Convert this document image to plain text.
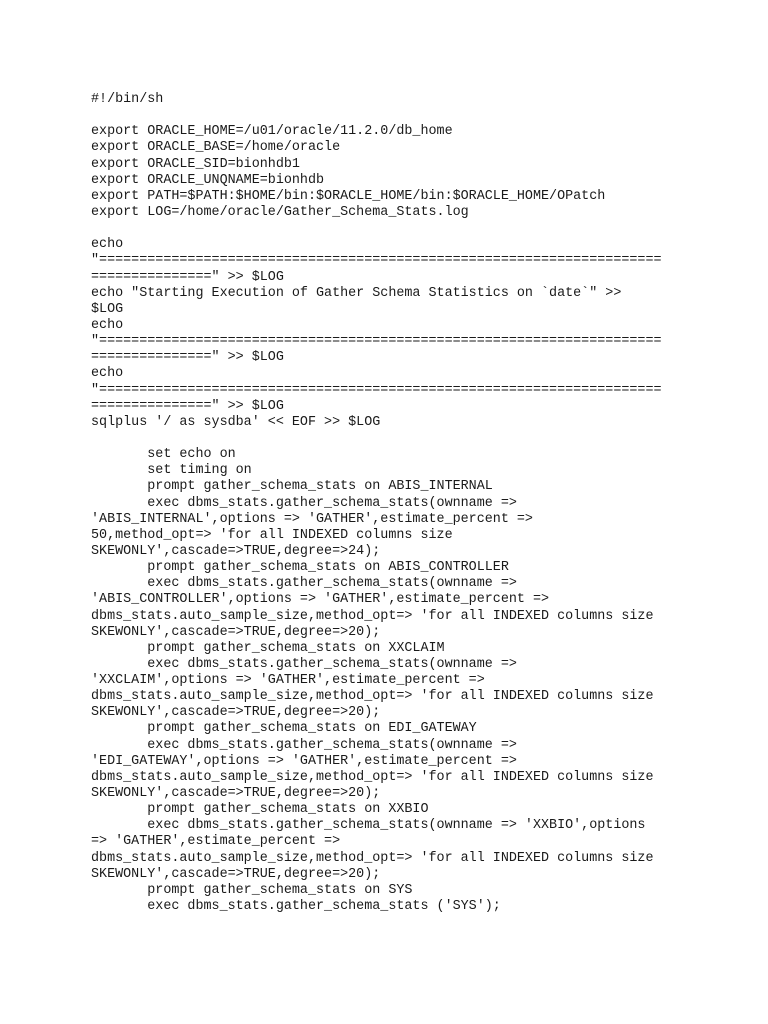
#!/bin/sh
export ORACLE_HOME=/u01/oracle/11.2.0/db_home
export ORACLE_BASE=/home/oracle
export ORACLE_SID=bionhdb1
export ORACLE_UNQNAME=bionhdb
export PATH=$PATH:$HOME/bin:$ORACLE_HOME/bin:$ORACLE_HOME/OPatch
export LOG=/home/oracle/Gather_Schema_Stats.log
echo
"======================================================================
===============" >> $LOG
echo "Starting Execution of Gather Schema Statistics on `date`" >>
$LOG
echo
"======================================================================
===============" >> $LOG
echo
"======================================================================
===============" >> $LOG
sqlplus '/ as sysdba' << EOF >> $LOG
set echo on
set timing on
prompt gather_schema_stats on ABIS_INTERNAL
exec dbms_stats.gather_schema_stats(ownname =>
'ABIS_INTERNAL',options => 'GATHER',estimate_percent =>
50,method_opt=> 'for all INDEXED columns size
SKEWONLY',cascade=>TRUE,degree=>24);
prompt gather_schema_stats on ABIS_CONTROLLER
exec dbms_stats.gather_schema_stats(ownname =>
'ABIS_CONTROLLER',options => 'GATHER',estimate_percent =>
dbms_stats.auto_sample_size,method_opt=> 'for all INDEXED columns size
SKEWONLY',cascade=>TRUE,degree=>20);
prompt gather_schema_stats on XXCLAIM
exec dbms_stats.gather_schema_stats(ownname =>
'XXCLAIM',options => 'GATHER',estimate_percent =>
dbms_stats.auto_sample_size,method_opt=> 'for all INDEXED columns size
SKEWONLY',cascade=>TRUE,degree=>20);
prompt gather_schema_stats on EDI_GATEWAY
exec dbms_stats.gather_schema_stats(ownname =>
'EDI_GATEWAY',options => 'GATHER',estimate_percent =>
dbms_stats.auto_sample_size,method_opt=> 'for all INDEXED columns size
SKEWONLY',cascade=>TRUE,degree=>20);
prompt gather_schema_stats on XXBIO
exec dbms_stats.gather_schema_stats(ownname => 'XXBIO',options
=> 'GATHER',estimate_percent =>
dbms_stats.auto_sample_size,method_opt=> 'for all INDEXED columns size
SKEWONLY',cascade=>TRUE,degree=>20);
prompt gather_schema_stats on SYS
exec dbms_stats.gather_schema_stats ('SYS');
